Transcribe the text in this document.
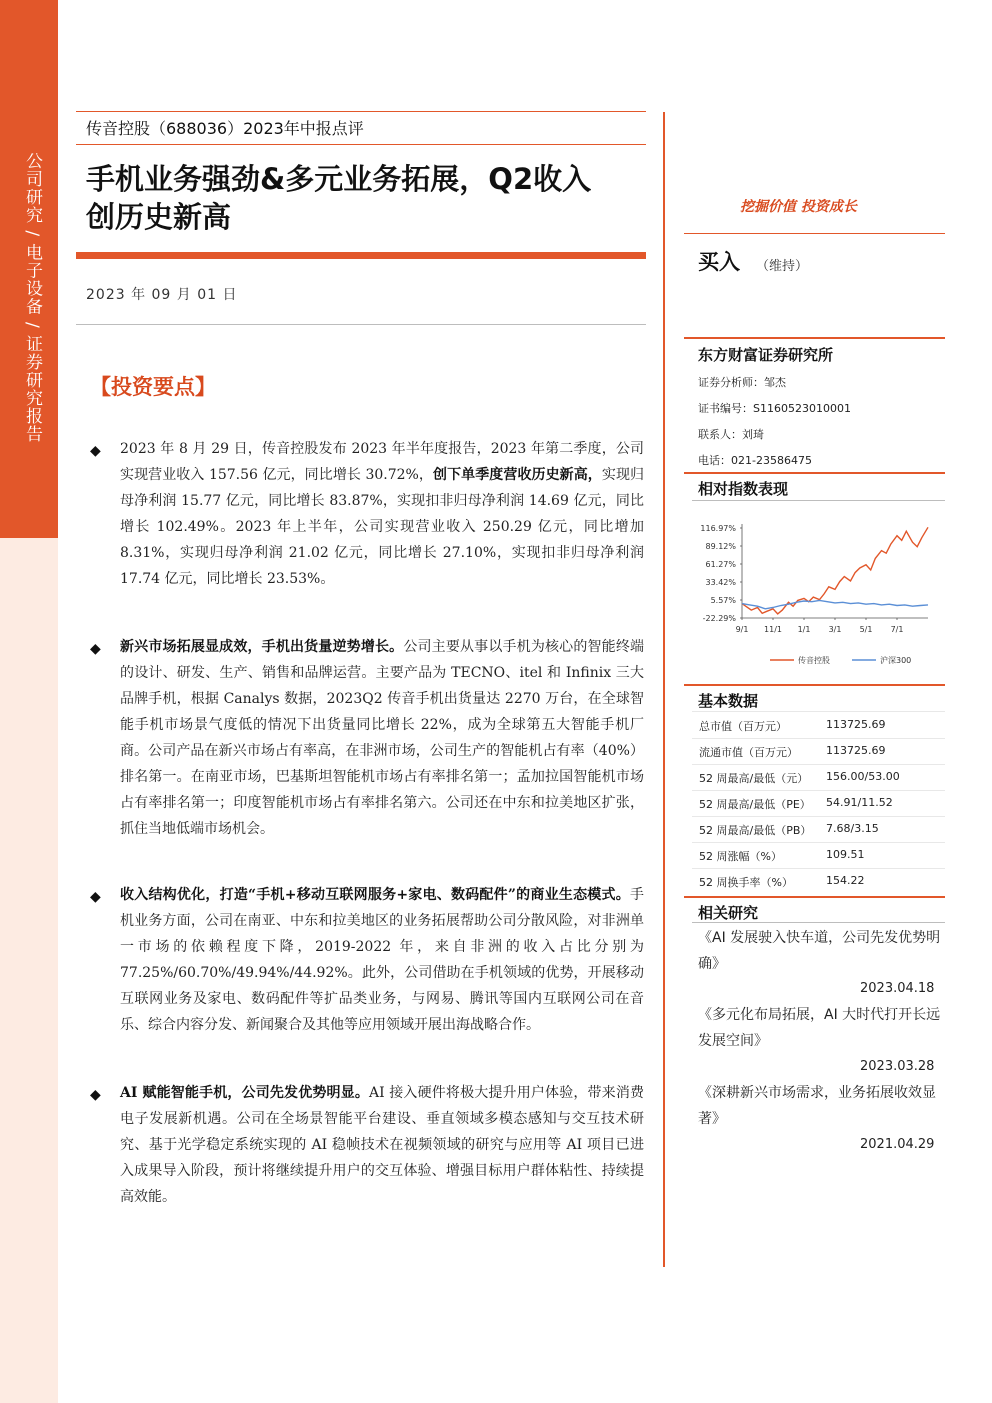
公司研究 / 电子设备 / 证券研究报告
传音控股（688036）2023年中报点评
手机业务强劲&多元业务拓展，Q2收入
创历史新高
2023 年 09 月 01 日
【投资要点】
◆ 2023 年 8 月 29 日，传音控股发布 2023 年半年度报告，2023 年第二季度，公司实现营业收入 157.56 亿元，同比增长 30.72%，创下单季度营收历史新高，实现归母净利润 15.77 亿元，同比增长 83.87%，实现扣非归母净利润 14.69 亿元，同比增长 102.49%。2023 年上半年，公司实现营业收入 250.29 亿元，同比增加 8.31%，实现归母净利润 21.02 亿元，同比增长 27.10%，实现扣非归母净利润 17.74 亿元，同比增长 23.53%。
◆ 新兴市场拓展显成效，手机出货量逆势增长。公司主要从事以手机为核心的智能终端的设计、研发、生产、销售和品牌运营。主要产品为 TECNO、itel 和 Infinix 三大品牌手机，根据 Canalys 数据，2023Q2 传音手机出货量达 2270 万台，在全球智能手机市场景气度低的情况下出货量同比增长 22%，成为全球第五大智能手机厂商。公司产品在新兴市场占有率高，在非洲市场，公司生产的智能机占有率（40%）排名第一。在南亚市场，巴基斯坦智能机市场占有率排名第一；孟加拉国智能机市场占有率排名第一；印度智能机市场占有率排名第六。公司还在中东和拉美地区扩张，抓住当地低端市场机会。
◆ 收入结构优化，打造“手机+移动互联网服务+家电、数码配件”的商业生态模式。手机业务方面，公司在南亚、中东和拉美地区的业务拓展帮助公司分散风险，对非洲单一市场的依赖程度下降，2019-2022 年，来自非洲的收入占比分别为 77.25%/60.70%/49.94%/44.92%。此外，公司借助在手机领域的优势，开展移动互联网业务及家电、数码配件等扩品类业务，与网易、腾讯等国内互联网公司在音乐、综合内容分发、新闻聚合及其他等应用领域开展出海战略合作。
◆ AI 赋能智能手机，公司先发优势明显。AI 接入硬件将极大提升用户体验，带来消费电子发展新机遇。公司在全场景智能平台建设、垂直领域多模态感知与交互技术研究、基于光学稳定系统实现的 AI 稳帧技术在视频领域的研究与应用等 AI 项目已进入成果导入阶段，预计将继续提升用户的交互体验、增强目标用户群体粘性、持续提高效能。
挖掘价值 投资成长
买入 （维持）
东方财富证券研究所
证券分析师：邹杰
证书编号：S1160523010001
联系人：刘琦
电话：021-23586475
相对指数表现
116.97%
89.12%
61.27%
33.42%
5.57%
-22.29%
9/1 11/1 1/1 3/1 5/1 7/1
传音控股	沪深300
基本数据
总市值（百万元）	113725.69
流通市值（百万元）	113725.69
52 周最高/最低（元） 156.00/53.00
52 周最高/最低（PE） 54.91/11.52
52 周最高/最低（PB） 7.68/3.15
52 周涨幅（%）	109.51
52 周换手率（%）	154.22
相关研究
《AI 发展驶入快车道，公司先发优势明确》
2023.04.18
《多元化布局拓展，AI 大时代打开长远发展空间》
2023.03.28
《深耕新兴市场需求，业务拓展收效显著》
2021.04.29
